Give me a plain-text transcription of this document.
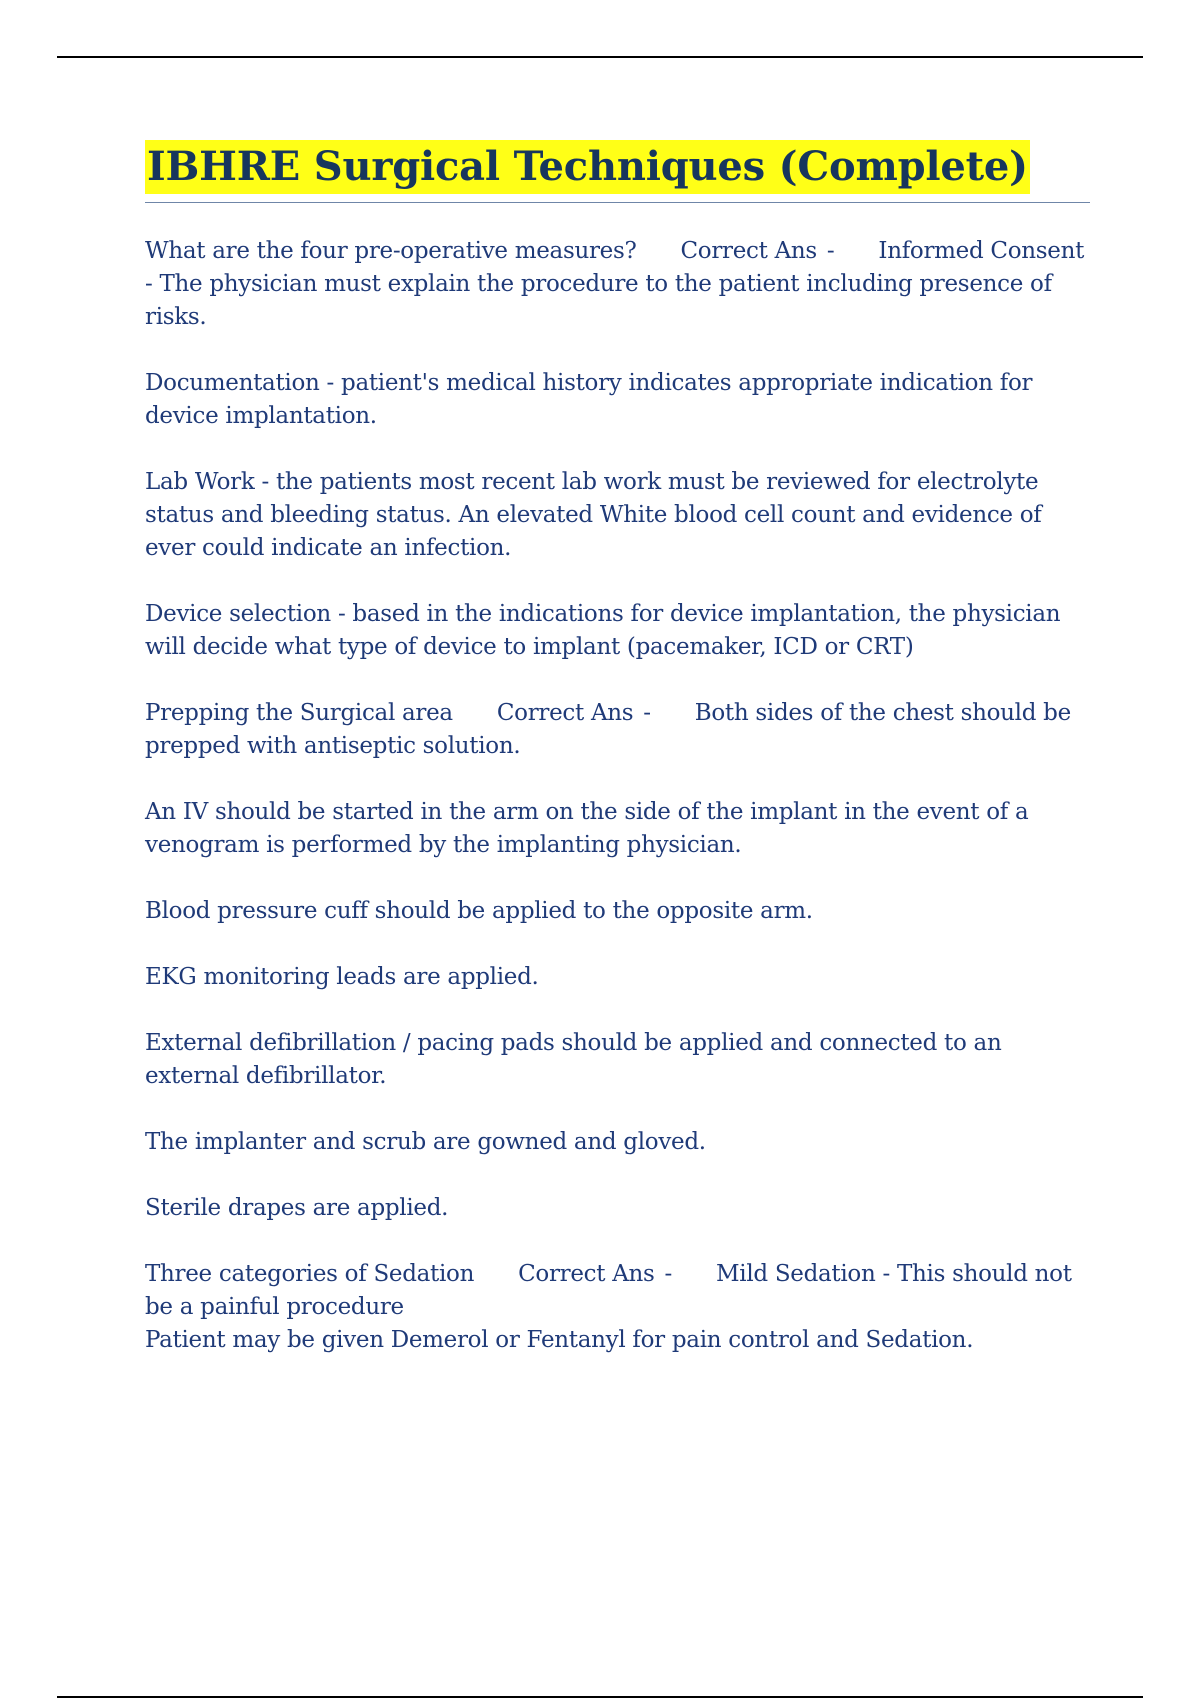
IBHRE Surgical Techniques (Complete)

What are the four pre-operative measures? Correct Ans - Informed Consent - The physician must explain the procedure to the patient including presence of risks.

Documentation - patient's medical history indicates appropriate indication for device implantation.

Lab Work - the patients most recent lab work must be reviewed for electrolyte status and bleeding status. An elevated White blood cell count and evidence of ever could indicate an infection.

Device selection - based in the indications for device implantation, the physician will decide what type of device to implant (pacemaker, ICD or CRT)

Prepping the Surgical area Correct Ans - Both sides of the chest should be prepped with antiseptic solution.

An IV should be started in the arm on the side of the implant in the event of a venogram is performed by the implanting physician.

Blood pressure cuff should be applied to the opposite arm.

EKG monitoring leads are applied.

External defibrillation / pacing pads should be applied and connected to an external defibrillator.

The implanter and scrub are gowned and gloved.

Sterile drapes are applied.

Three categories of Sedation Correct Ans - Mild Sedation - This should not be a painful procedure

Patient may be given Demerol or Fentanyl for pain control and Sedation.
